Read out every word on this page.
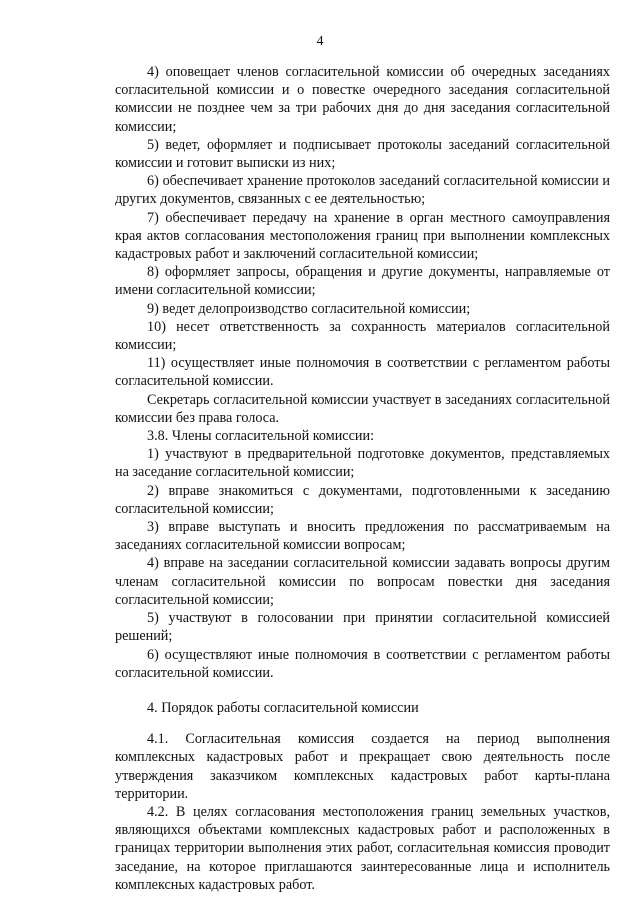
4

4) оповещает членов согласительной комиссии об очередных заседаниях согласительной комиссии и о повестке очередного заседания согласительной комиссии не позднее чем за три рабочих дня до дня заседания согласительной комиссии;

5) ведет, оформляет и подписывает протоколы заседаний согласительной комиссии и готовит выписки из них;

6) обеспечивает хранение протоколов заседаний согласительной комиссии и других документов, связанных с ее деятельностью;

7) обеспечивает передачу на хранение в орган местного самоуправления края актов согласования местоположения границ при выполнении комплексных кадастровых работ и заключений согласительной комиссии;

8) оформляет запросы, обращения и другие документы, направляемые от имени согласительной комиссии;

9) ведет делопроизводство согласительной комиссии;

10) несет ответственность за сохранность материалов согласительной комиссии;

11) осуществляет иные полномочия в соответствии с регламентом работы согласительной комиссии.

Секретарь согласительной комиссии участвует в заседаниях согласительной комиссии без права голоса.

3.8. Члены согласительной комиссии:

1) участвуют в предварительной подготовке документов, представляемых на заседание согласительной комиссии;

2) вправе знакомиться с документами, подготовленными к заседанию согласительной комиссии;

3) вправе выступать и вносить предложения по рассматриваемым на заседаниях согласительной комиссии вопросам;

4) вправе на заседании согласительной комиссии задавать вопросы другим членам согласительной комиссии по вопросам повестки дня заседания согласительной комиссии;

5) участвуют в голосовании при принятии согласительной комиссией решений;

6) осуществляют иные полномочия в соответствии с регламентом работы согласительной комиссии.

4. Порядок работы согласительной комиссии

4.1. Согласительная комиссия создается на период выполнения комплексных кадастровых работ и прекращает свою деятельность после утверждения заказчиком комплексных кадастровых работ карты-плана территории.

4.2. В целях согласования местоположения границ земельных участков, являющихся объектами комплексных кадастровых работ и расположенных в границах территории выполнения этих работ, согласительная комиссия проводит заседание, на которое приглашаются заинтересованные лица и исполнитель комплексных кадастровых работ.
